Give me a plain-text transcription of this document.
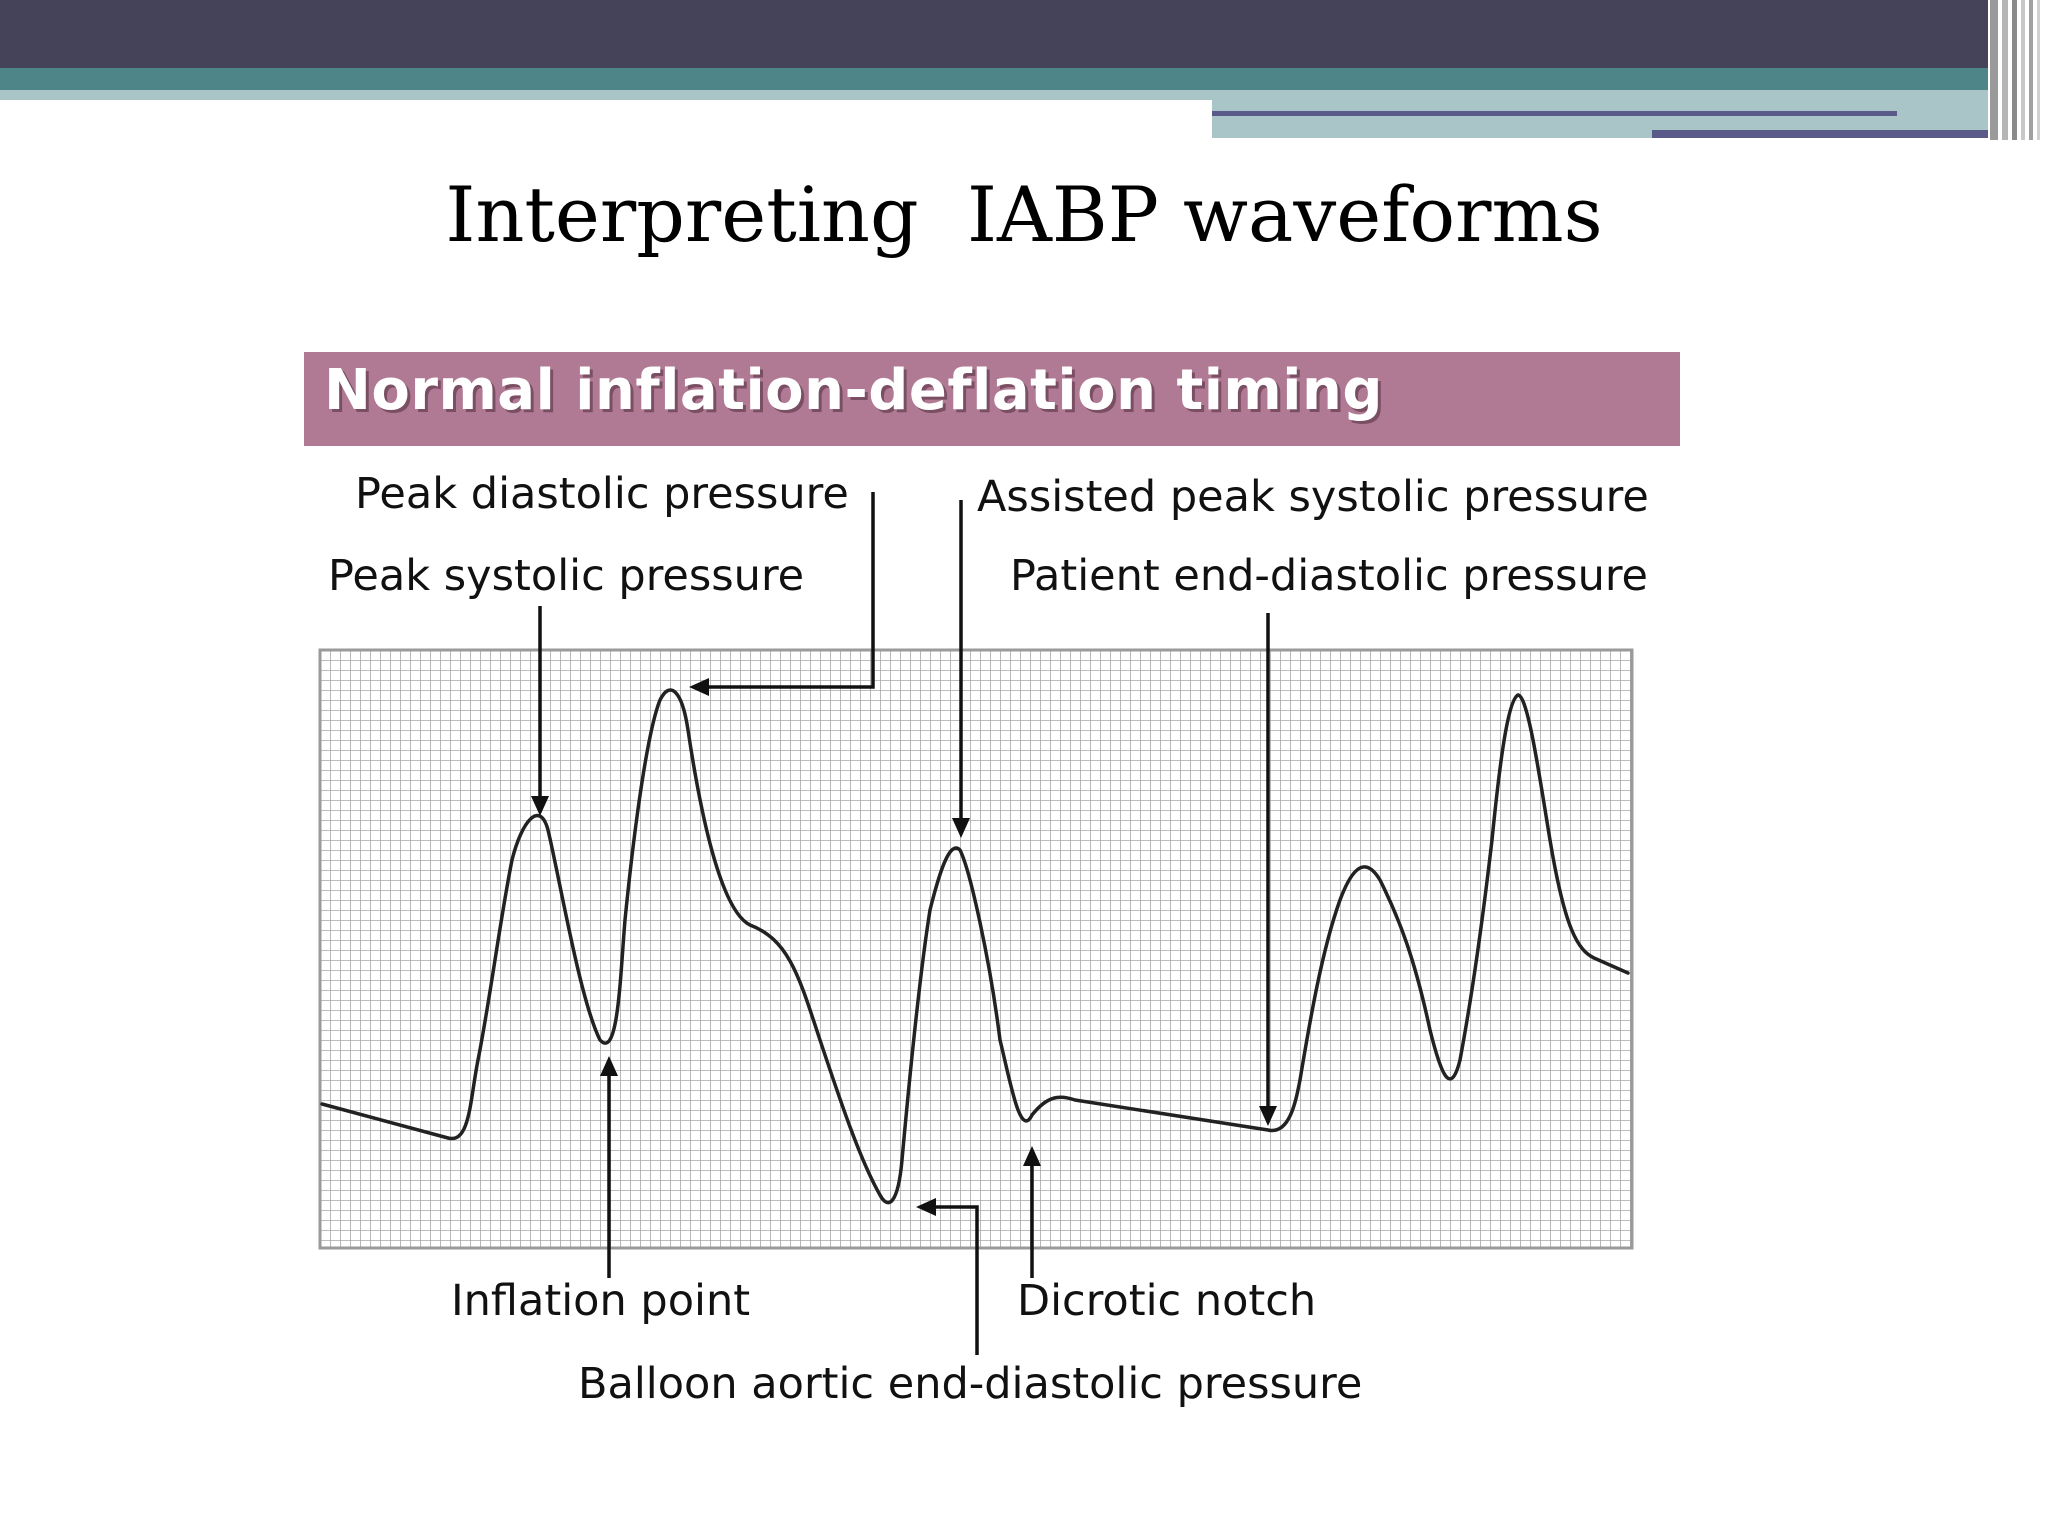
Interpreting  IABP waveforms
Normal inflation-deflation timing
Peak diastolic pressure
Peak systolic pressure
Assisted peak systolic pressure
Patient end-diastolic pressure
Inflation point	Dicrotic notch
Balloon aortic end-diastolic pressure
